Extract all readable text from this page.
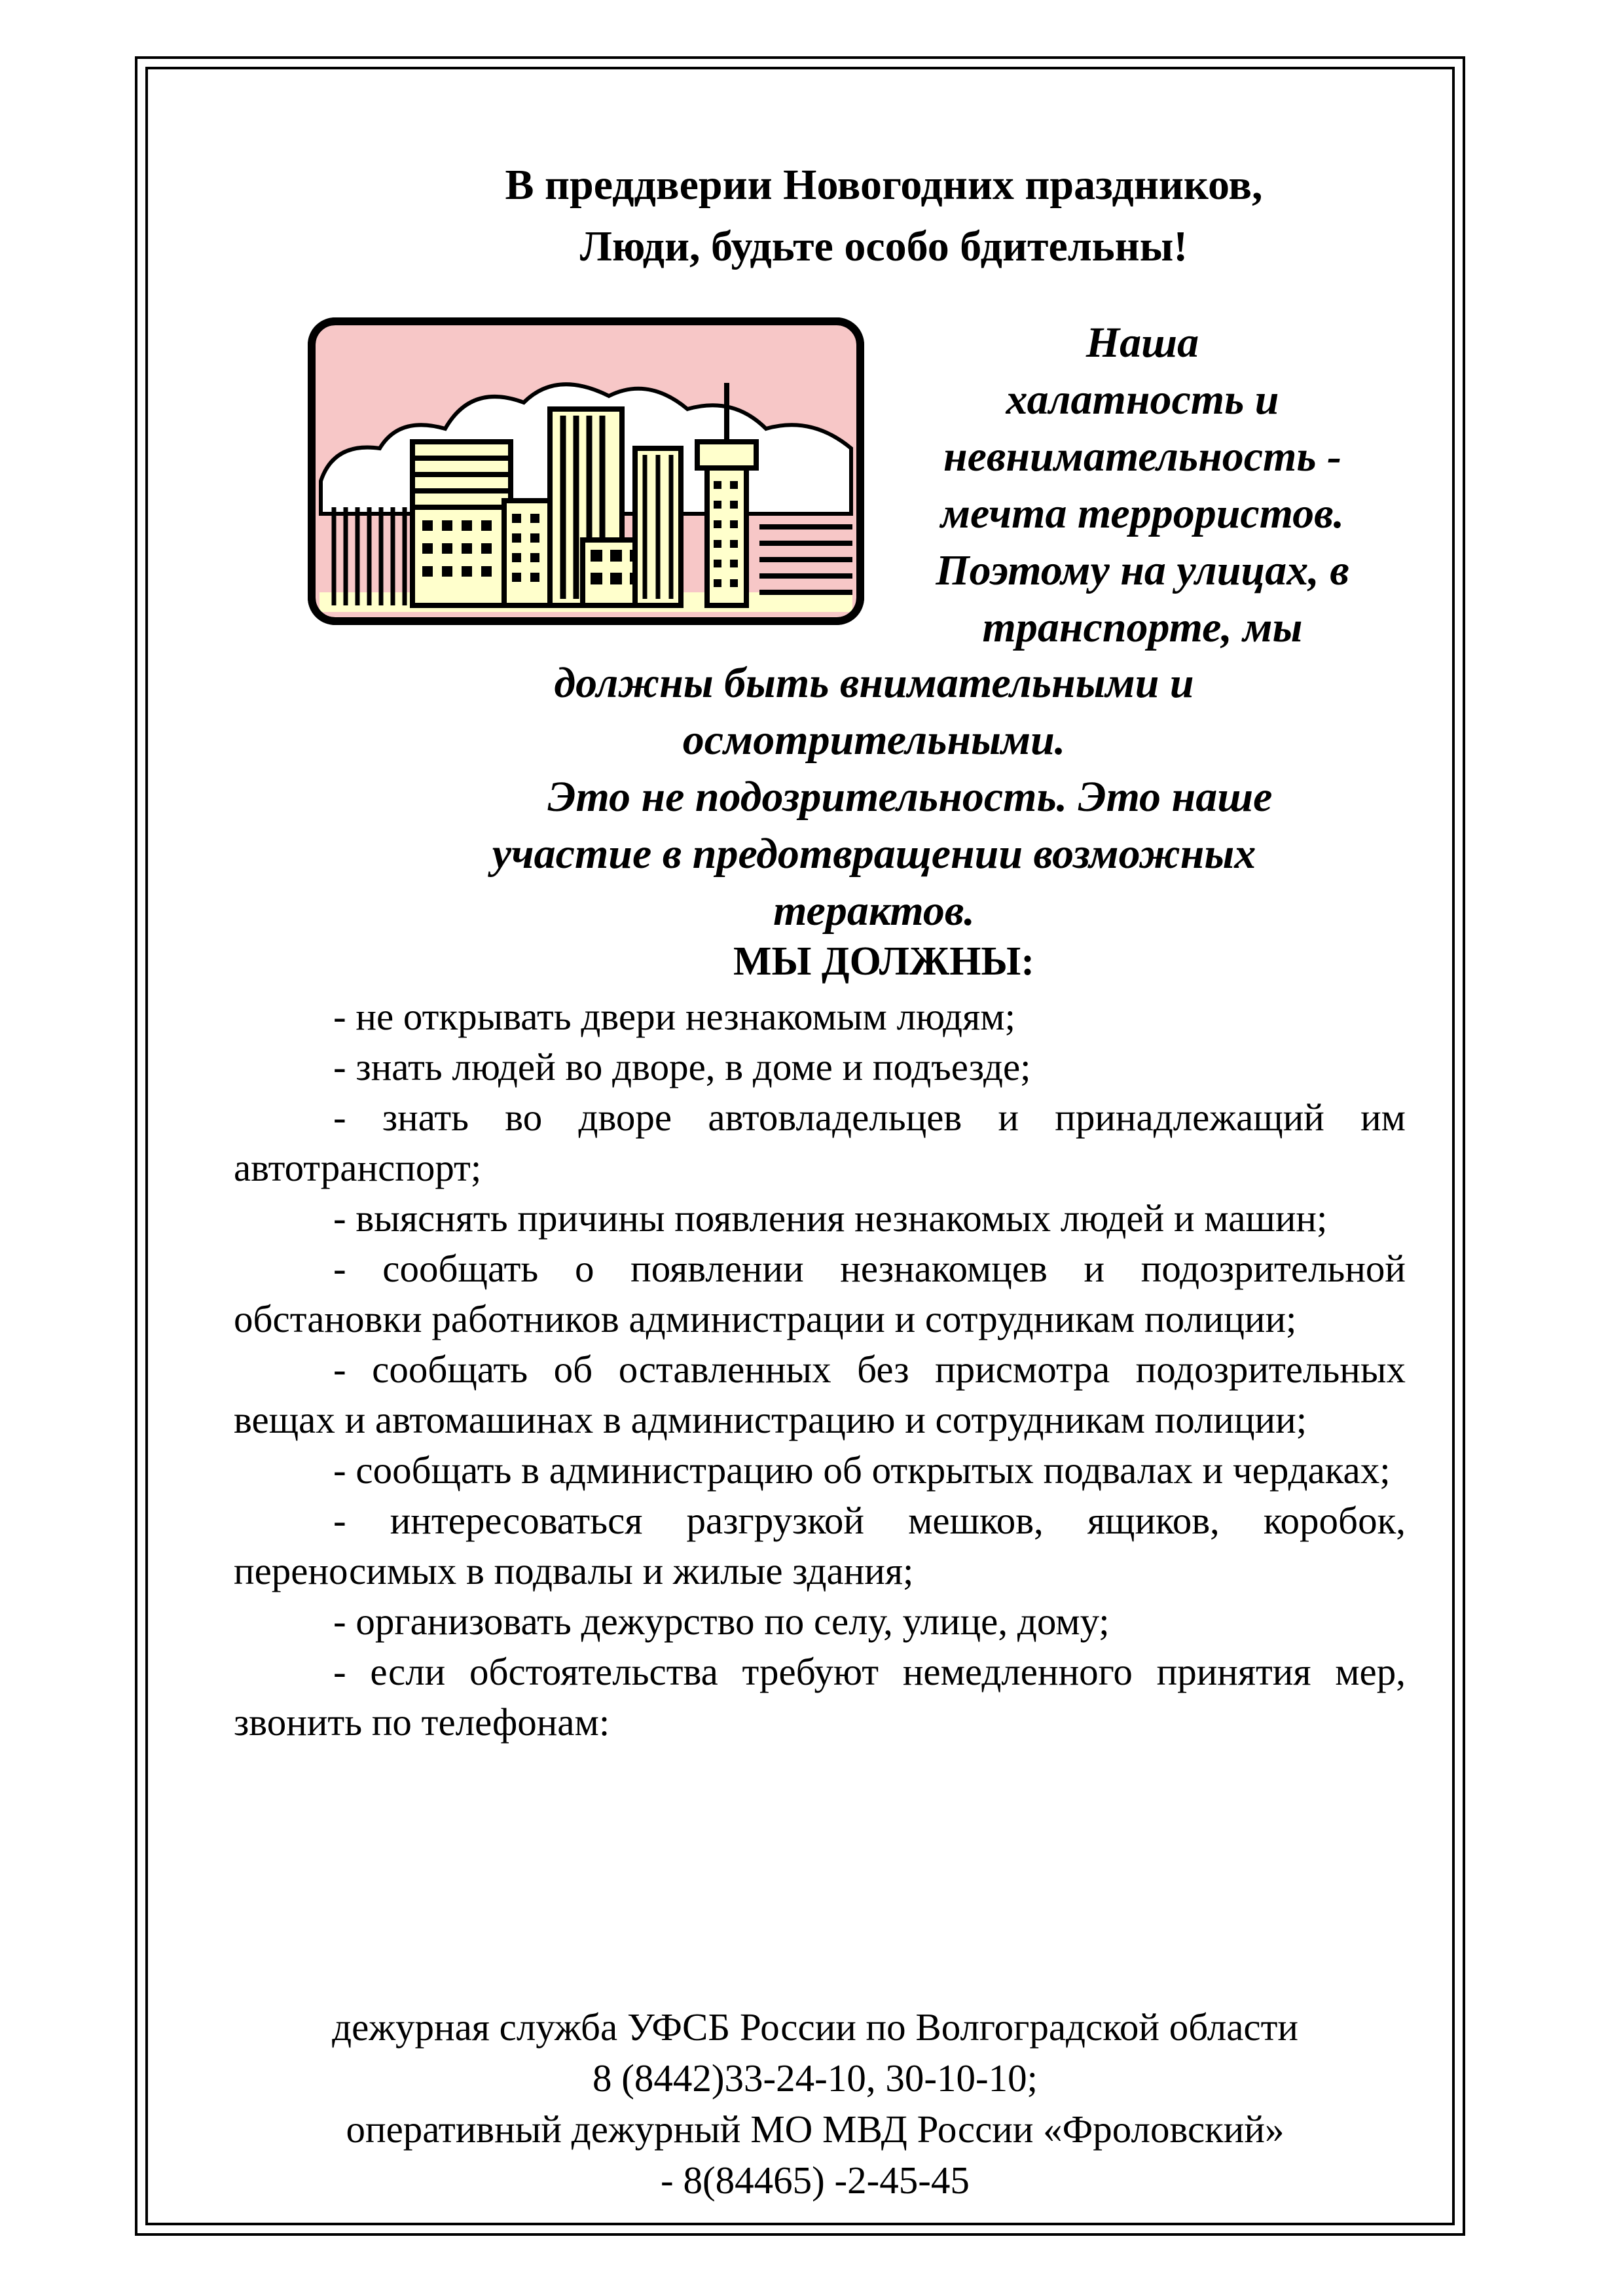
В преддверии Новогодних праздников,
Люди, будьте особо бдительны!
Наша
халатность и
невнимательность -
мечта террористов.
Поэтому на улицах, в
транспорте, мы
должны быть внимательными и
осмотрительными.
Это не подозрительность. Это наше
участие в предотвращении возможных
терактов.
МЫ ДОЛЖНЫ:
- не открывать двери незнакомым людям;
- знать людей во дворе, в доме и подъезде;
- знать во дворе автовладельцев и принадлежащий им автотранспорт;
- выяснять причины появления незнакомых людей и машин;
- сообщать о появлении незнакомцев и подозрительной обстановки работников администрации и сотрудникам полиции;
- сообщать об оставленных без присмотра подозрительных вещах и автомашинах в администрацию и сотрудникам полиции;
- сообщать в администрацию об открытых подвалах и чердаках;
- интересоваться разгрузкой мешков, ящиков, коробок, переносимых в подвалы и жилые здания;
- организовать дежурство по селу, улице, дому;
- если обстоятельства требуют немедленного принятия мер, звонить по телефонам:
дежурная служба УФСБ России по Волгоградской области
8 (8442)33-24-10, 30-10-10;
оперативный дежурный МО МВД России «Фроловский»
- 8(84465) -2-45-45
